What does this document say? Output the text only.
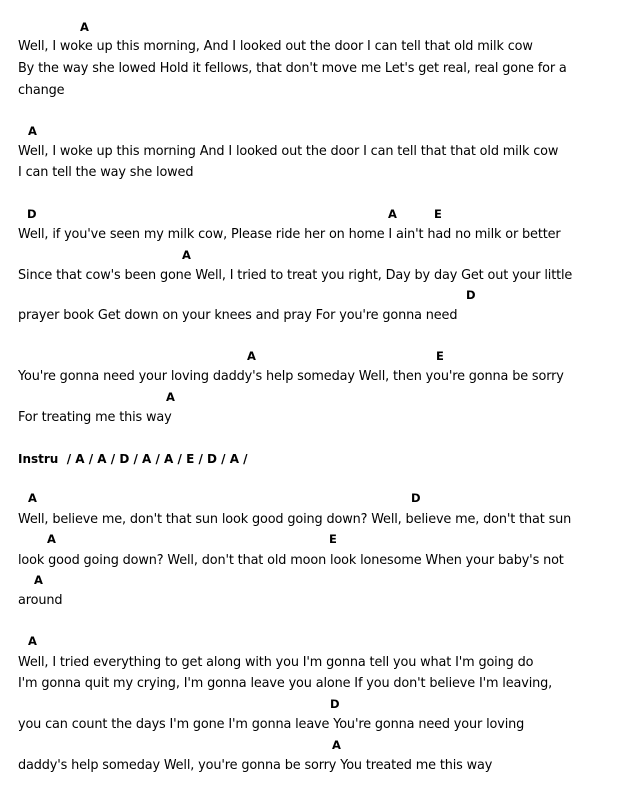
A
Well, I woke up this morning, And I looked out the door I can tell that old milk cow
By the way she lowed Hold it fellows, that don't move me Let's get real, real gone for a
change
A
Well, I woke up this morning And I looked out the door I can tell that that old milk cow
I can tell the way she lowed
D	A	E
A
D
Well, if you've seen my milk cow, Please ride her on home I ain't had no milk or better
Since that cow's been gone Well, I tried to treat you right, Day by day Get out your little
prayer book Get down on your knees and pray For you're gonna need
A	E
A
You're gonna need your loving daddy's help someday Well, then you're gonna be sorry
For treating me this way
A	D
A	E
A
Well, believe me, don't that sun look good going down? Well, believe me, don't that sun
look good going down? Well, don't that old moon look lonesome When your baby's not
around
A
D
A
Well, I tried everything to get along with you I'm gonna tell you what I'm going do
I'm gonna quit my crying, I'm gonna leave you alone If you don't believe I'm leaving,
you can count the days I'm gone I'm gonna leave You're gonna need your loving
daddy's help someday Well, you're gonna be sorry You treated me this way
Instru / A / A / D / A / A / E / D / A /
